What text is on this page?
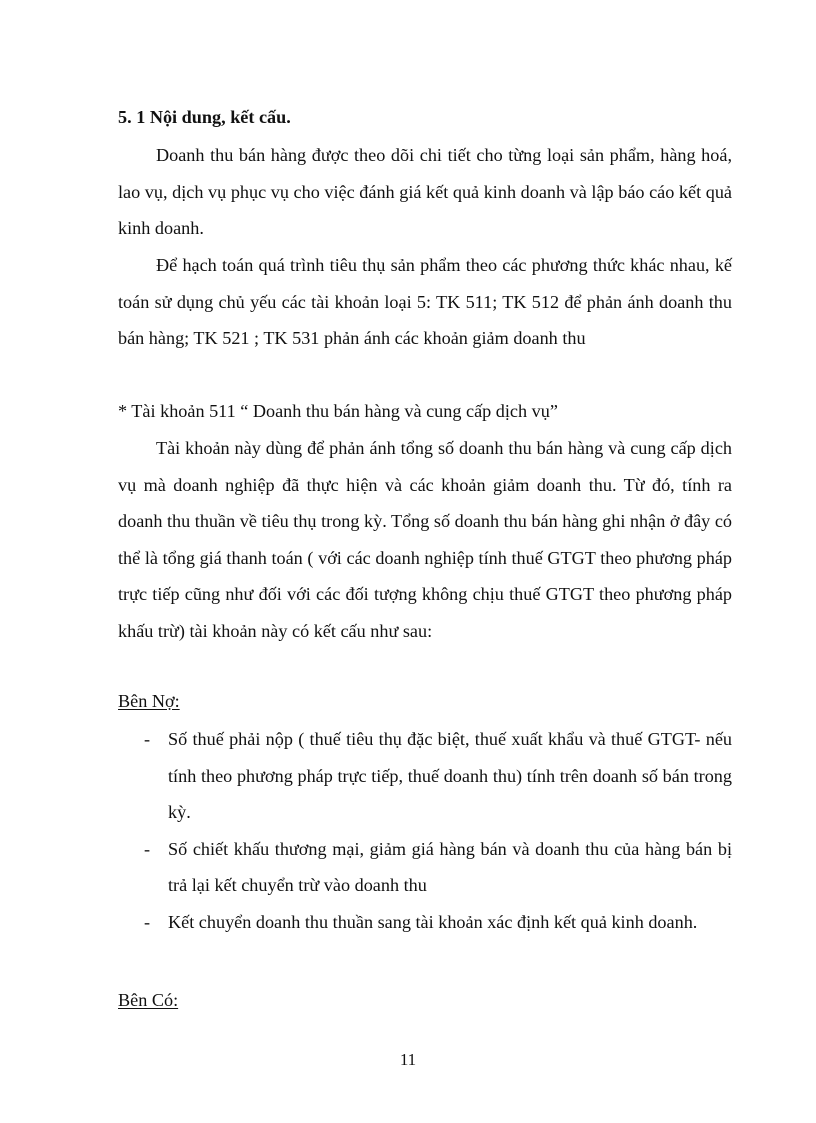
5. 1 Nội dung, kết cấu.

Doanh thu bán hàng được theo dõi chi tiết cho từng loại sản phẩm, hàng hoá, lao vụ, dịch vụ phục vụ cho việc đánh giá kết quả kinh doanh và lập báo cáo kết quả kinh doanh.

Để hạch toán quá trình tiêu thụ sản phẩm theo các phương thức khác nhau, kế toán sử dụng chủ yếu các tài khoản loại 5: TK 511; TK 512 để phản ánh doanh thu bán hàng; TK 521 ; TK 531 phản ánh các khoản giảm doanh thu

* Tài khoản 511 “ Doanh thu bán hàng và cung cấp dịch vụ”

Tài khoản này dùng để phản ánh tổng số doanh thu bán hàng và cung cấp dịch vụ mà doanh nghiệp đã thực hiện và các khoản giảm doanh thu. Từ đó, tính ra doanh thu thuần về tiêu thụ trong kỳ. Tổng số doanh thu bán hàng ghi nhận ở đây có thể là tổng giá thanh toán ( với các doanh nghiệp tính thuế GTGT theo phương pháp trực tiếp cũng như đối với các đối tượng không chịu thuế GTGT theo phương pháp khấu trừ) tài khoản này có kết cấu như sau:

Bên Nợ:

- Số thuế phải nộp ( thuế tiêu thụ đặc biệt, thuế xuất khẩu và thuế GTGT- nếu tính theo phương pháp trực tiếp, thuế doanh thu) tính trên doanh số bán trong kỳ.
- Số chiết khấu thương mại, giảm giá hàng bán và doanh thu của hàng bán bị trả lại kết chuyển trừ vào doanh thu
- Kết chuyển doanh thu thuần sang tài khoản xác định kết quả kinh doanh.

Bên Có:

11
